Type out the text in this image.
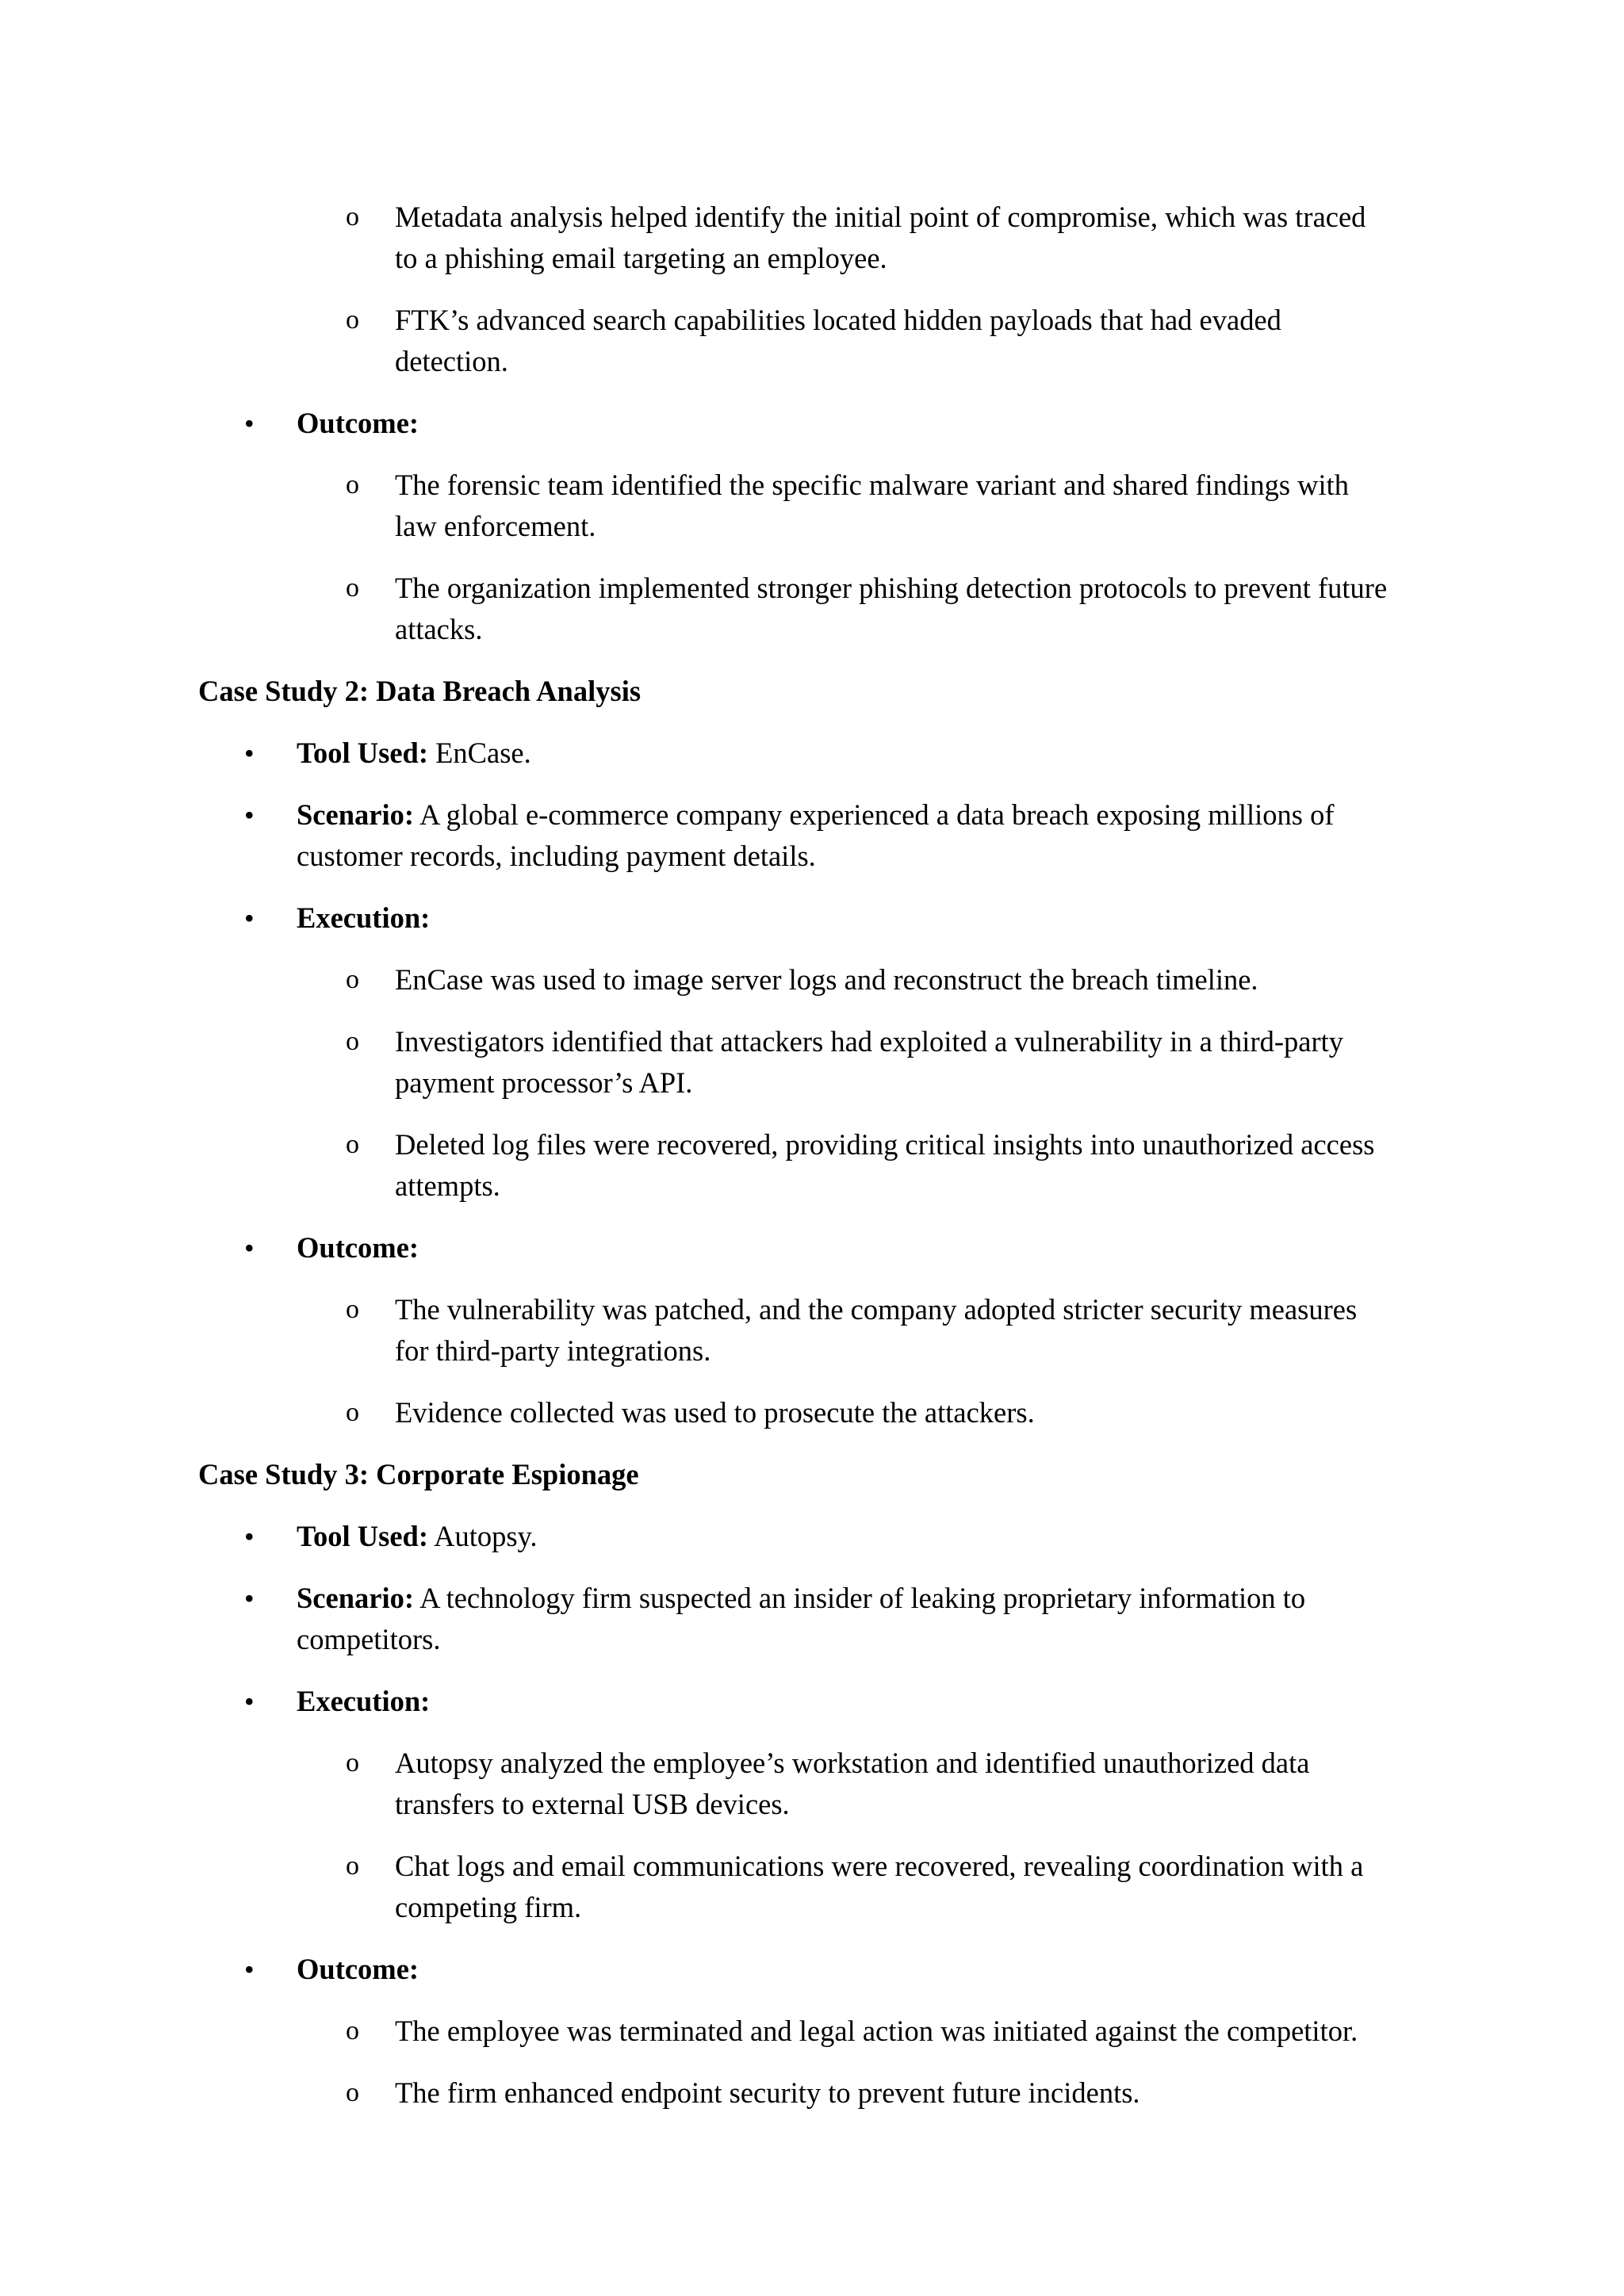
o Metadata analysis helped identify the initial point of compromise, which was traced
to a phishing email targeting an employee.
o FTK’s advanced search capabilities located hidden payloads that had evaded
detection.
• Outcome:
o The forensic team identified the specific malware variant and shared findings with
law enforcement.
o The organization implemented stronger phishing detection protocols to prevent future
attacks.
Case Study 2: Data Breach Analysis
• Tool Used: EnCase.
• Scenario: A global e-commerce company experienced a data breach exposing millions of
customer records, including payment details.
• Execution:
o EnCase was used to image server logs and reconstruct the breach timeline.
o Investigators identified that attackers had exploited a vulnerability in a third-party
payment processor’s API.
o Deleted log files were recovered, providing critical insights into unauthorized access
attempts.
• Outcome:
o The vulnerability was patched, and the company adopted stricter security measures
for third-party integrations.
o Evidence collected was used to prosecute the attackers.
Case Study 3: Corporate Espionage
• Tool Used: Autopsy.
• Scenario: A technology firm suspected an insider of leaking proprietary information to
competitors.
• Execution:
o Autopsy analyzed the employee’s workstation and identified unauthorized data
transfers to external USB devices.
o Chat logs and email communications were recovered, revealing coordination with a
competing firm.
• Outcome:
o The employee was terminated and legal action was initiated against the competitor.
o The firm enhanced endpoint security to prevent future incidents.
